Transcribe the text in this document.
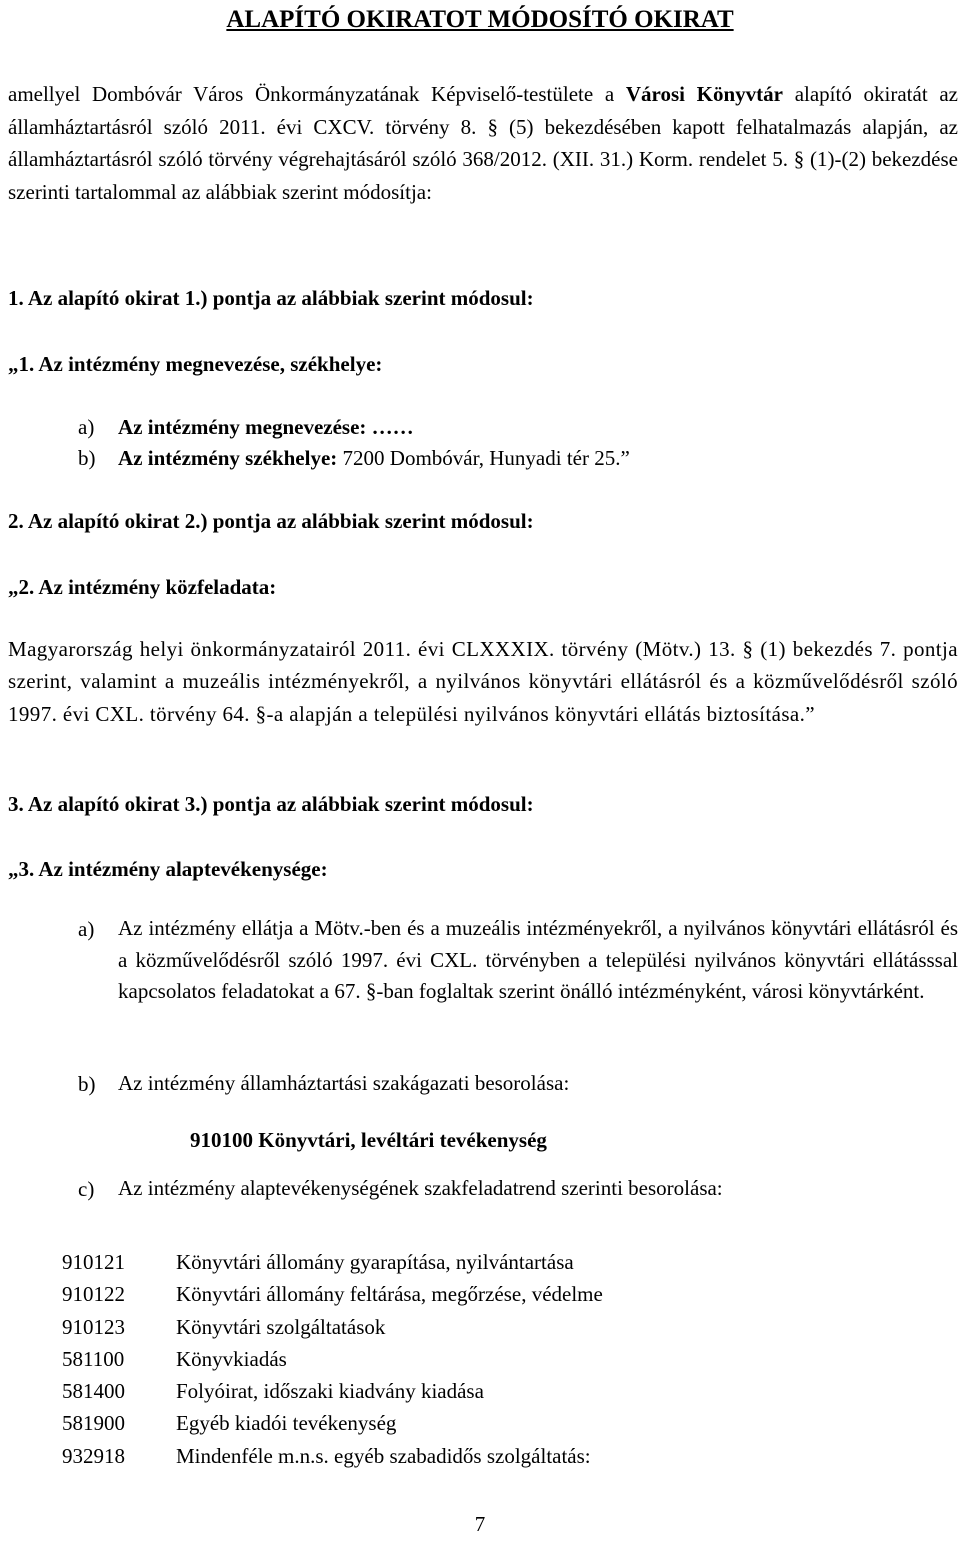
ALAPÍTÓ OKIRATOT MÓDOSÍTÓ OKIRAT
amellyel Dombóvár Város Önkormányzatának Képviselő-testülete a Városi Könyvtár alapító okiratát az államháztartásról szóló 2011. évi CXCV. törvény 8. § (5) bekezdésében kapott felhatalmazás alapján, az államháztartásról szóló törvény végrehajtásáról szóló 368/2012. (XII. 31.) Korm. rendelet 5. § (1)-(2) bekezdése szerinti tartalommal az alábbiak szerint módosítja:
1. Az alapító okirat 1.) pontja az alábbiak szerint módosul:
„1. Az intézmény megnevezése, székhelye:
a) Az intézmény megnevezése: ……
b) Az intézmény székhelye: 7200 Dombóvár, Hunyadi tér 25.”
2. Az alapító okirat 2.) pontja az alábbiak szerint módosul:
„2. Az intézmény közfeladata:
Magyarország helyi önkormányzatairól 2011. évi CLXXXIX. törvény (Mötv.) 13. § (1) bekezdés 7. pontja szerint, valamint a muzeális intézményekről, a nyilvános könyvtári ellátásról és a közművelődésről szóló 1997. évi CXL. törvény 64. §-a alapján a települési nyilvános könyvtári ellátás biztosítása.”
3. Az alapító okirat 3.) pontja az alábbiak szerint módosul:
„3. Az intézmény alaptevékenysége:
a) Az intézmény ellátja a Mötv.-ben és a muzeális intézményekről, a nyilvános könyvtári ellátásról és a közművelődésről szóló 1997. évi CXL. törvényben a települési nyilvános könyvtári ellátásssal kapcsolatos feladatokat a 67. §-ban foglaltak szerint önálló intézményként, városi könyvtárként.
b) Az intézmény államháztartási szakágazati besorolása:
910100 Könyvtári, levéltári tevékenység
c) Az intézmény alaptevékenységének szakfeladatrend szerinti besorolása:
910121 Könyvtári állomány gyarapítása, nyilvántartása
910122 Könyvtári állomány feltárása, megőrzése, védelme
910123 Könyvtári szolgáltatások
581100 Könyvkiadás
581400 Folyóirat, időszaki kiadvány kiadása
581900 Egyéb kiadói tevékenység
932918 Mindenféle m.n.s. egyéb szabadidős szolgáltatás:
7
